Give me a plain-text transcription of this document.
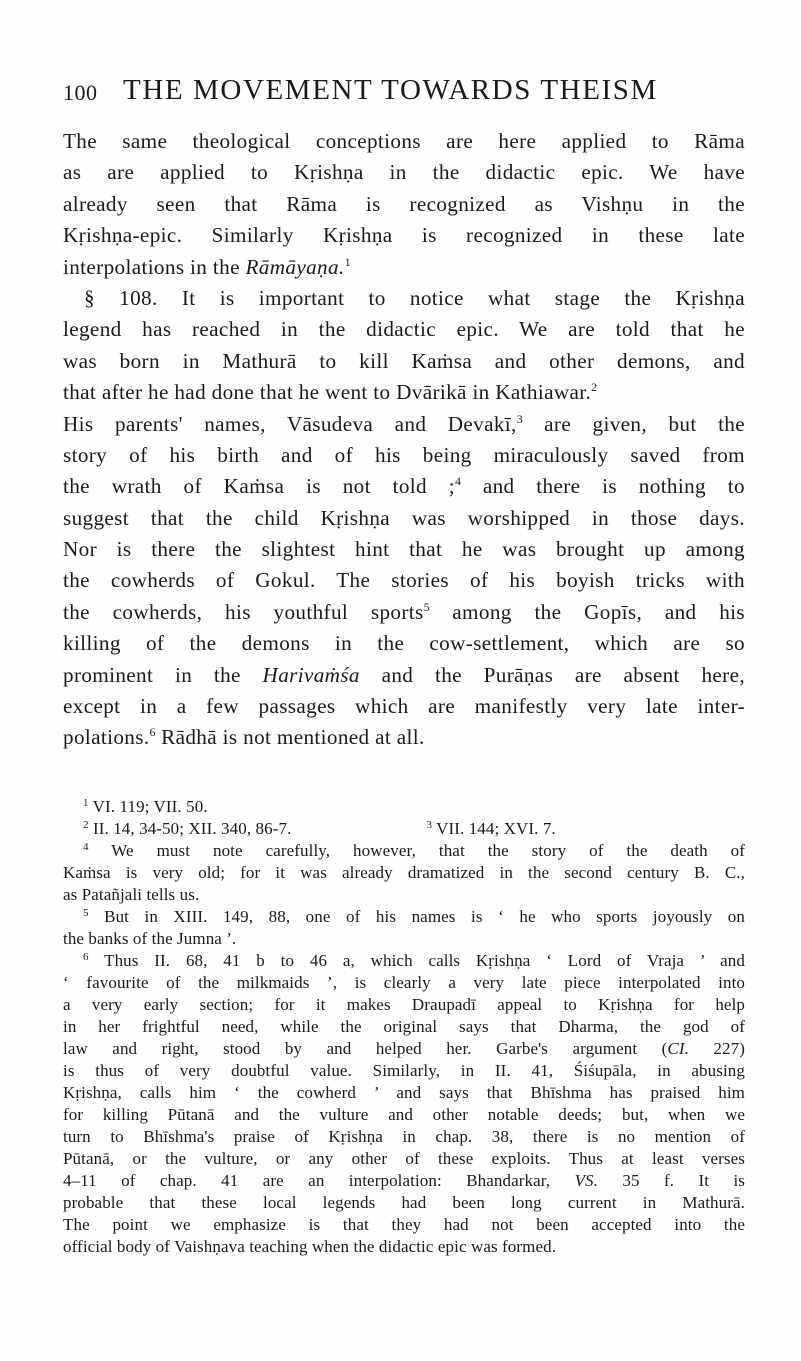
100 THE MOVEMENT TOWARDS THEISM
The same theological conceptions are here applied to Rāma
as are applied to Kṛishṇa in the didactic epic. We have
already seen that Rāma is recognized as Vishṇu in the
Kṛishṇa-epic. Similarly Kṛishṇa is recognized in these late
interpolations in the Rāmāyaṇa.$^1$
§ 108. It is important to notice what stage the Kṛishṇa
legend has reached in the didactic epic. We are told that he
was born in Mathurā to kill Kaṁsa and other demons, and
that after he had done that he went to Dvārikā in Kathiawar.$^2$
His parents' names, Vāsudeva and Devakī,$^3$ are given, but the
story of his birth and of his being miraculously saved from
the wrath of Kaṁsa is not told ;$^4$ and there is nothing to
suggest that the child Kṛishṇa was worshipped in those days.
Nor is there the slightest hint that he was brought up among
the cowherds of Gokul. The stories of his boyish tricks with
the cowherds, his youthful sports$^5$ among the Gopīs, and his
killing of the demons in the cow-settlement, which are so
prominent in the Harivaṁśa and the Purāṇas are absent here,
except in a few passages which are manifestly very late inter-
polations.$^6$ Rādhā is not mentioned at all.
$^1$ VI. 119; VII. 50.
$^2$ II. 14, 34-50; XII. 340, 86-7.	$^3$ VII. 144; XVI. 7.
$^4$ We must note carefully, however, that the story of the death of
Kaṁsa is very old; for it was already dramatized in the second century B. C.,
as Patañjali tells us.
$^5$ But in XIII. 149, 88, one of his names is ‘ he who sports joyously on
the banks of the Jumna ’.
$^6$ Thus II. 68, 41 b to 46 a, which calls Kṛishṇa ‘ Lord of Vraja ’ and
‘ favourite of the milkmaids ’, is clearly a very late piece interpolated into
a very early section; for it makes Draupadī appeal to Kṛishṇa for help
in her frightful need, while the original says that Dharma, the god of
law and right, stood by and helped her. Garbe's argument (CI. 227)
is thus of very doubtful value. Similarly, in II. 41, Śiśupāla, in abusing
Kṛishṇa, calls him ‘ the cowherd ’ and says that Bhīshma has praised him
for killing Pūtanā and the vulture and other notable deeds; but, when we
turn to Bhīshma's praise of Kṛishṇa in chap. 38, there is no mention of
Pūtanā, or the vulture, or any other of these exploits. Thus at least verses
4–11 of chap. 41 are an interpolation: Bhandarkar, VS. 35 f. It is
probable that these local legends had been long current in Mathurā.
The point we emphasize is that they had not been accepted into the
official body of Vaishṇava teaching when the didactic epic was formed.
